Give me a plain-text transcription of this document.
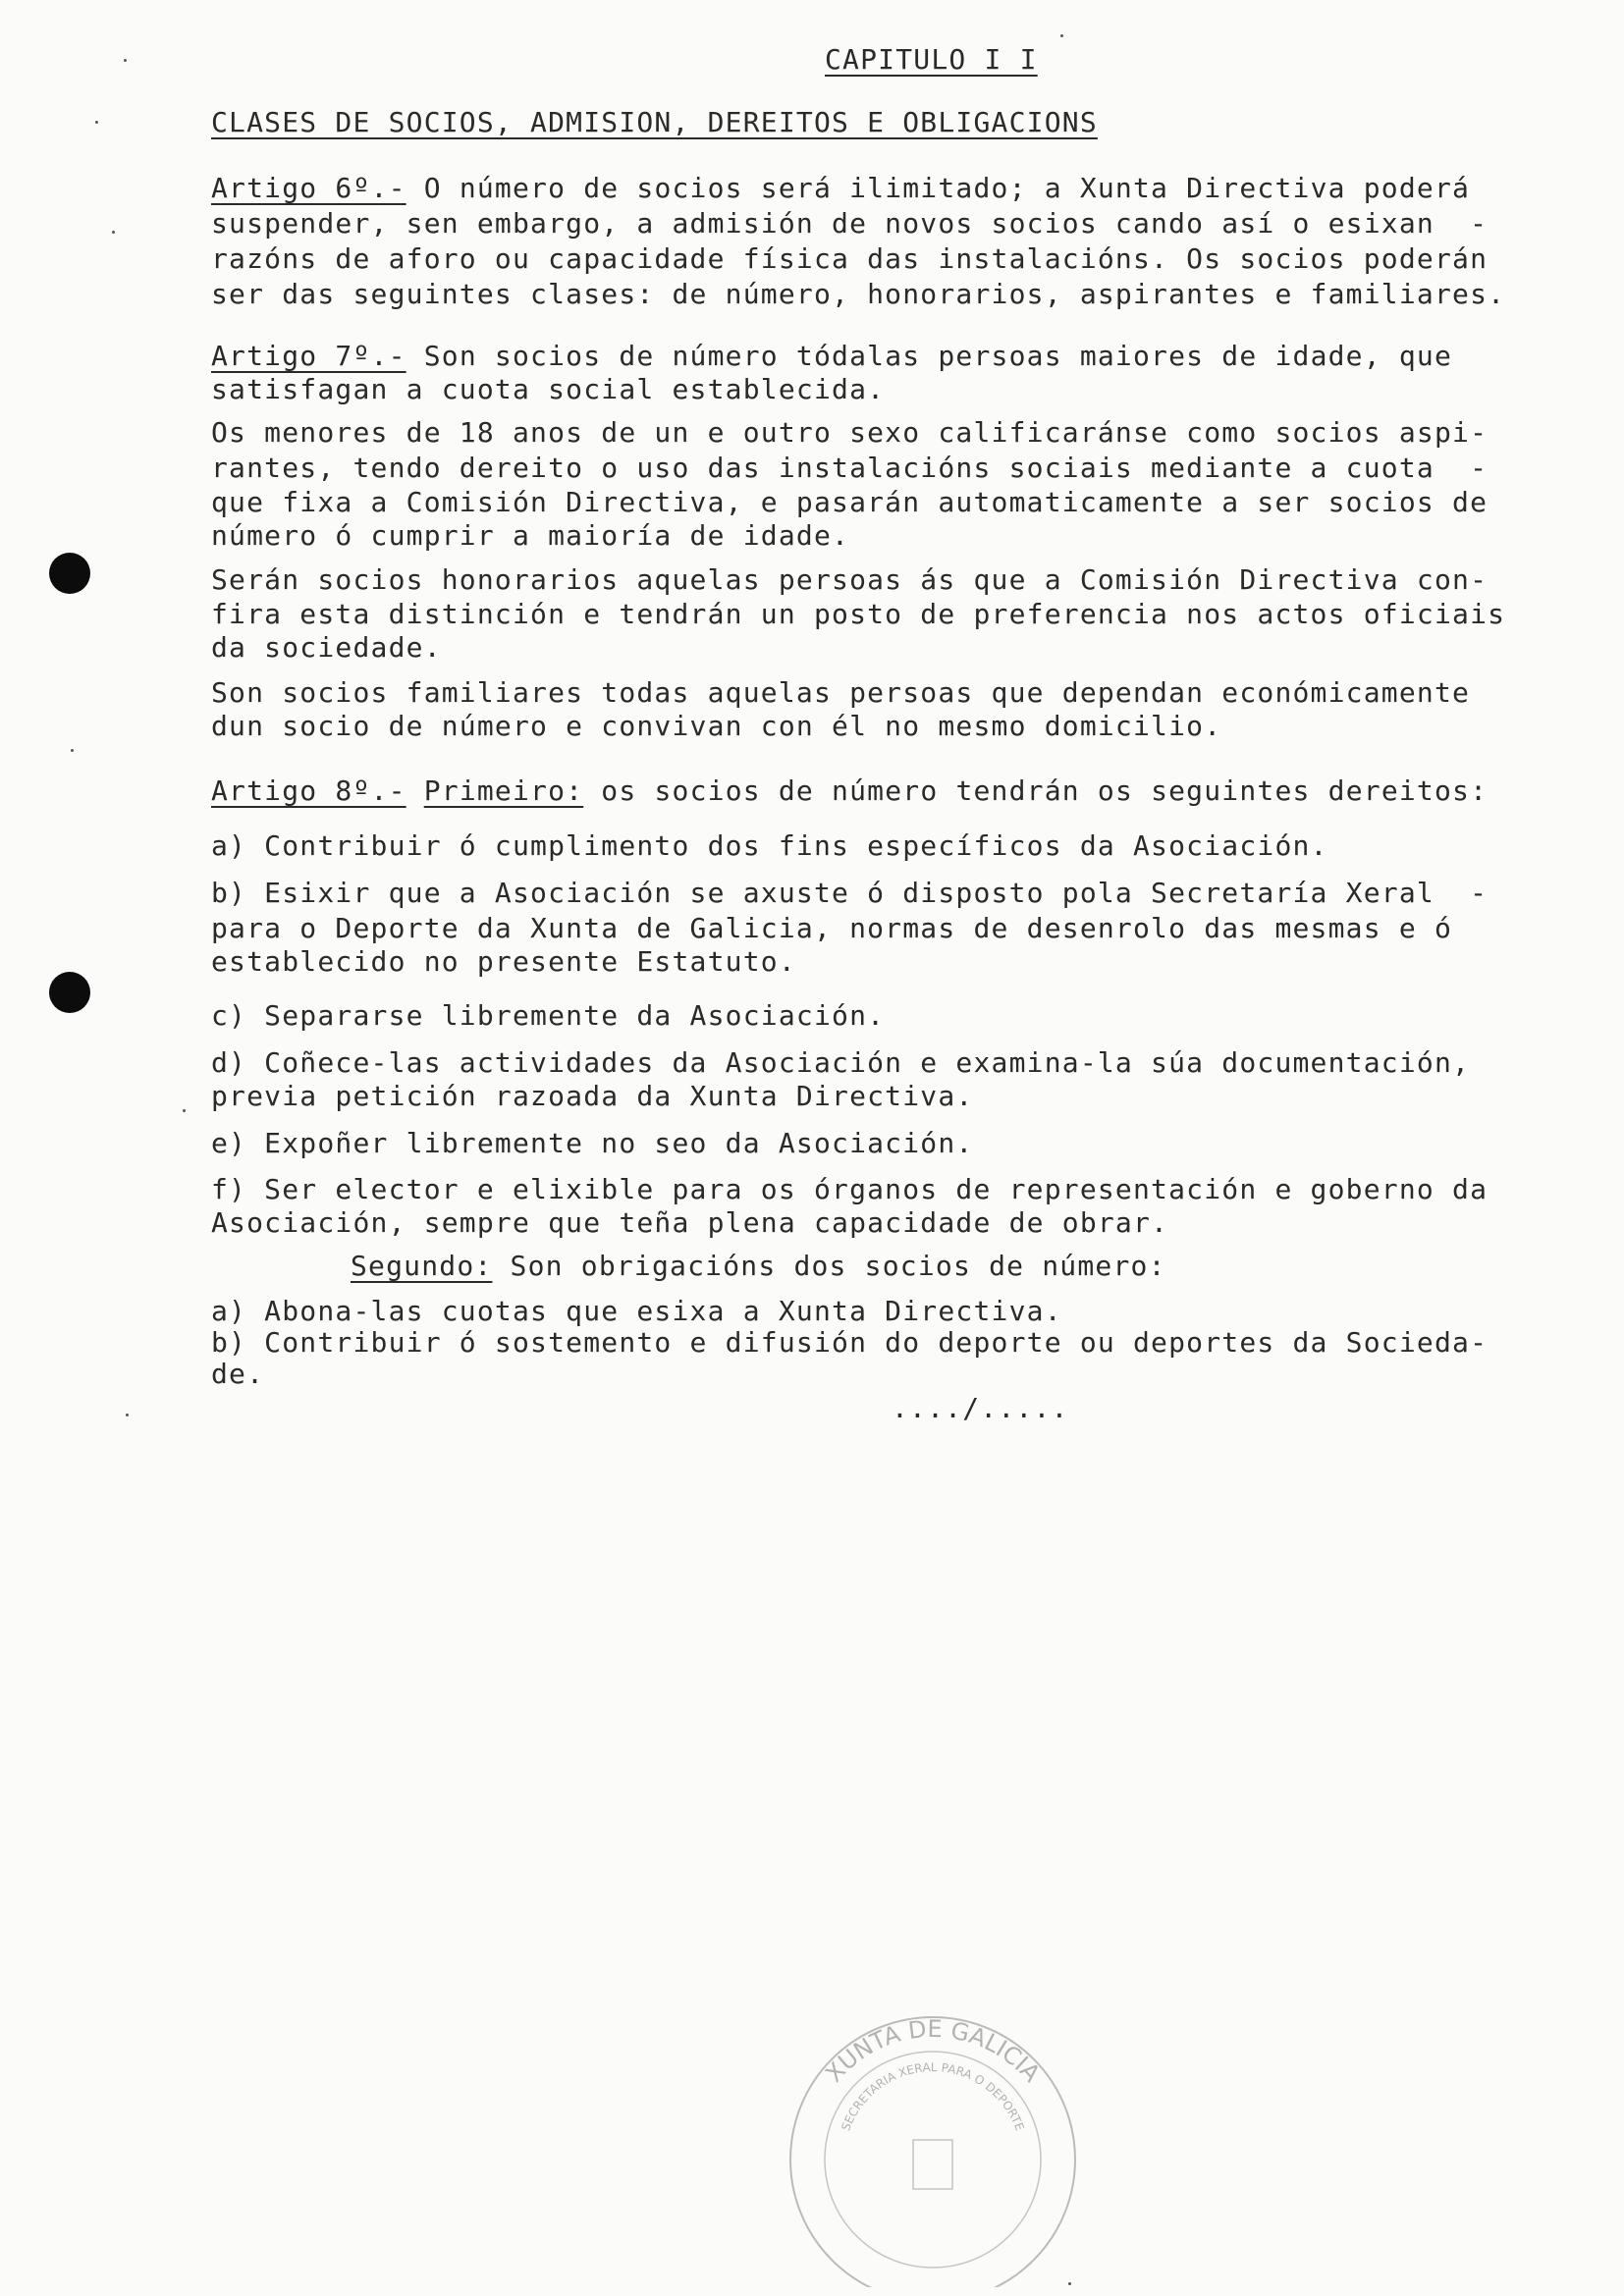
CAPITULO I I
CLASES DE SOCIOS, ADMISION, DEREITOS E OBLIGACIONS
Artigo 6º.- O número de socios será ilimitado; a Xunta Directiva poderá
suspender, sen embargo, a admisión de novos socios cando así o esixan  -
razóns de aforo ou capacidade física das instalacións. Os socios poderán
ser das seguintes clases: de número, honorarios, aspirantes e familiares.
Artigo 7º.- Son socios de número tódalas persoas maiores de idade, que
satisfagan a cuota social establecida.
Os menores de 18 anos de un e outro sexo calificaránse como socios aspi-
rantes, tendo dereito o uso das instalacións sociais mediante a cuota  -
que fixa a Comisión Directiva, e pasarán automaticamente a ser socios de
número ó cumprir a maioría de idade.
Serán socios honorarios aquelas persoas ás que a Comisión Directiva con-
fira esta distinción e tendrán un posto de preferencia nos actos oficiais
da sociedade.
Son socios familiares todas aquelas persoas que dependan económicamente
dun socio de número e convivan con él no mesmo domicilio.
Artigo 8º.- Primeiro: os socios de número tendrán os seguintes dereitos:
a) Contribuir ó cumplimento dos fins específicos da Asociación.
b) Esixir que a Asociación se axuste ó disposto pola Secretaría Xeral  -
para o Deporte da Xunta de Galicia, normas de desenrolo das mesmas e ó
establecido no presente Estatuto.
c) Separarse libremente da Asociación.
d) Coñece-las actividades da Asociación e examina-la súa documentación,
previa petición razoada da Xunta Directiva.
e) Expoñer libremente no seo da Asociación.
f) Ser elector e elixible para os órganos de representación e goberno da
Asociación, sempre que teña plena capacidade de obrar.
Segundo: Son obrigacións dos socios de número:
a) Abona-las cuotas que esixa a Xunta Directiva.
b) Contribuir ó sostemento e difusión do deporte ou deportes da Socieda-
de.
..../.....
XUNTA DE GALICIA
SECRETARIA XERAL PARA O DEPORTE
